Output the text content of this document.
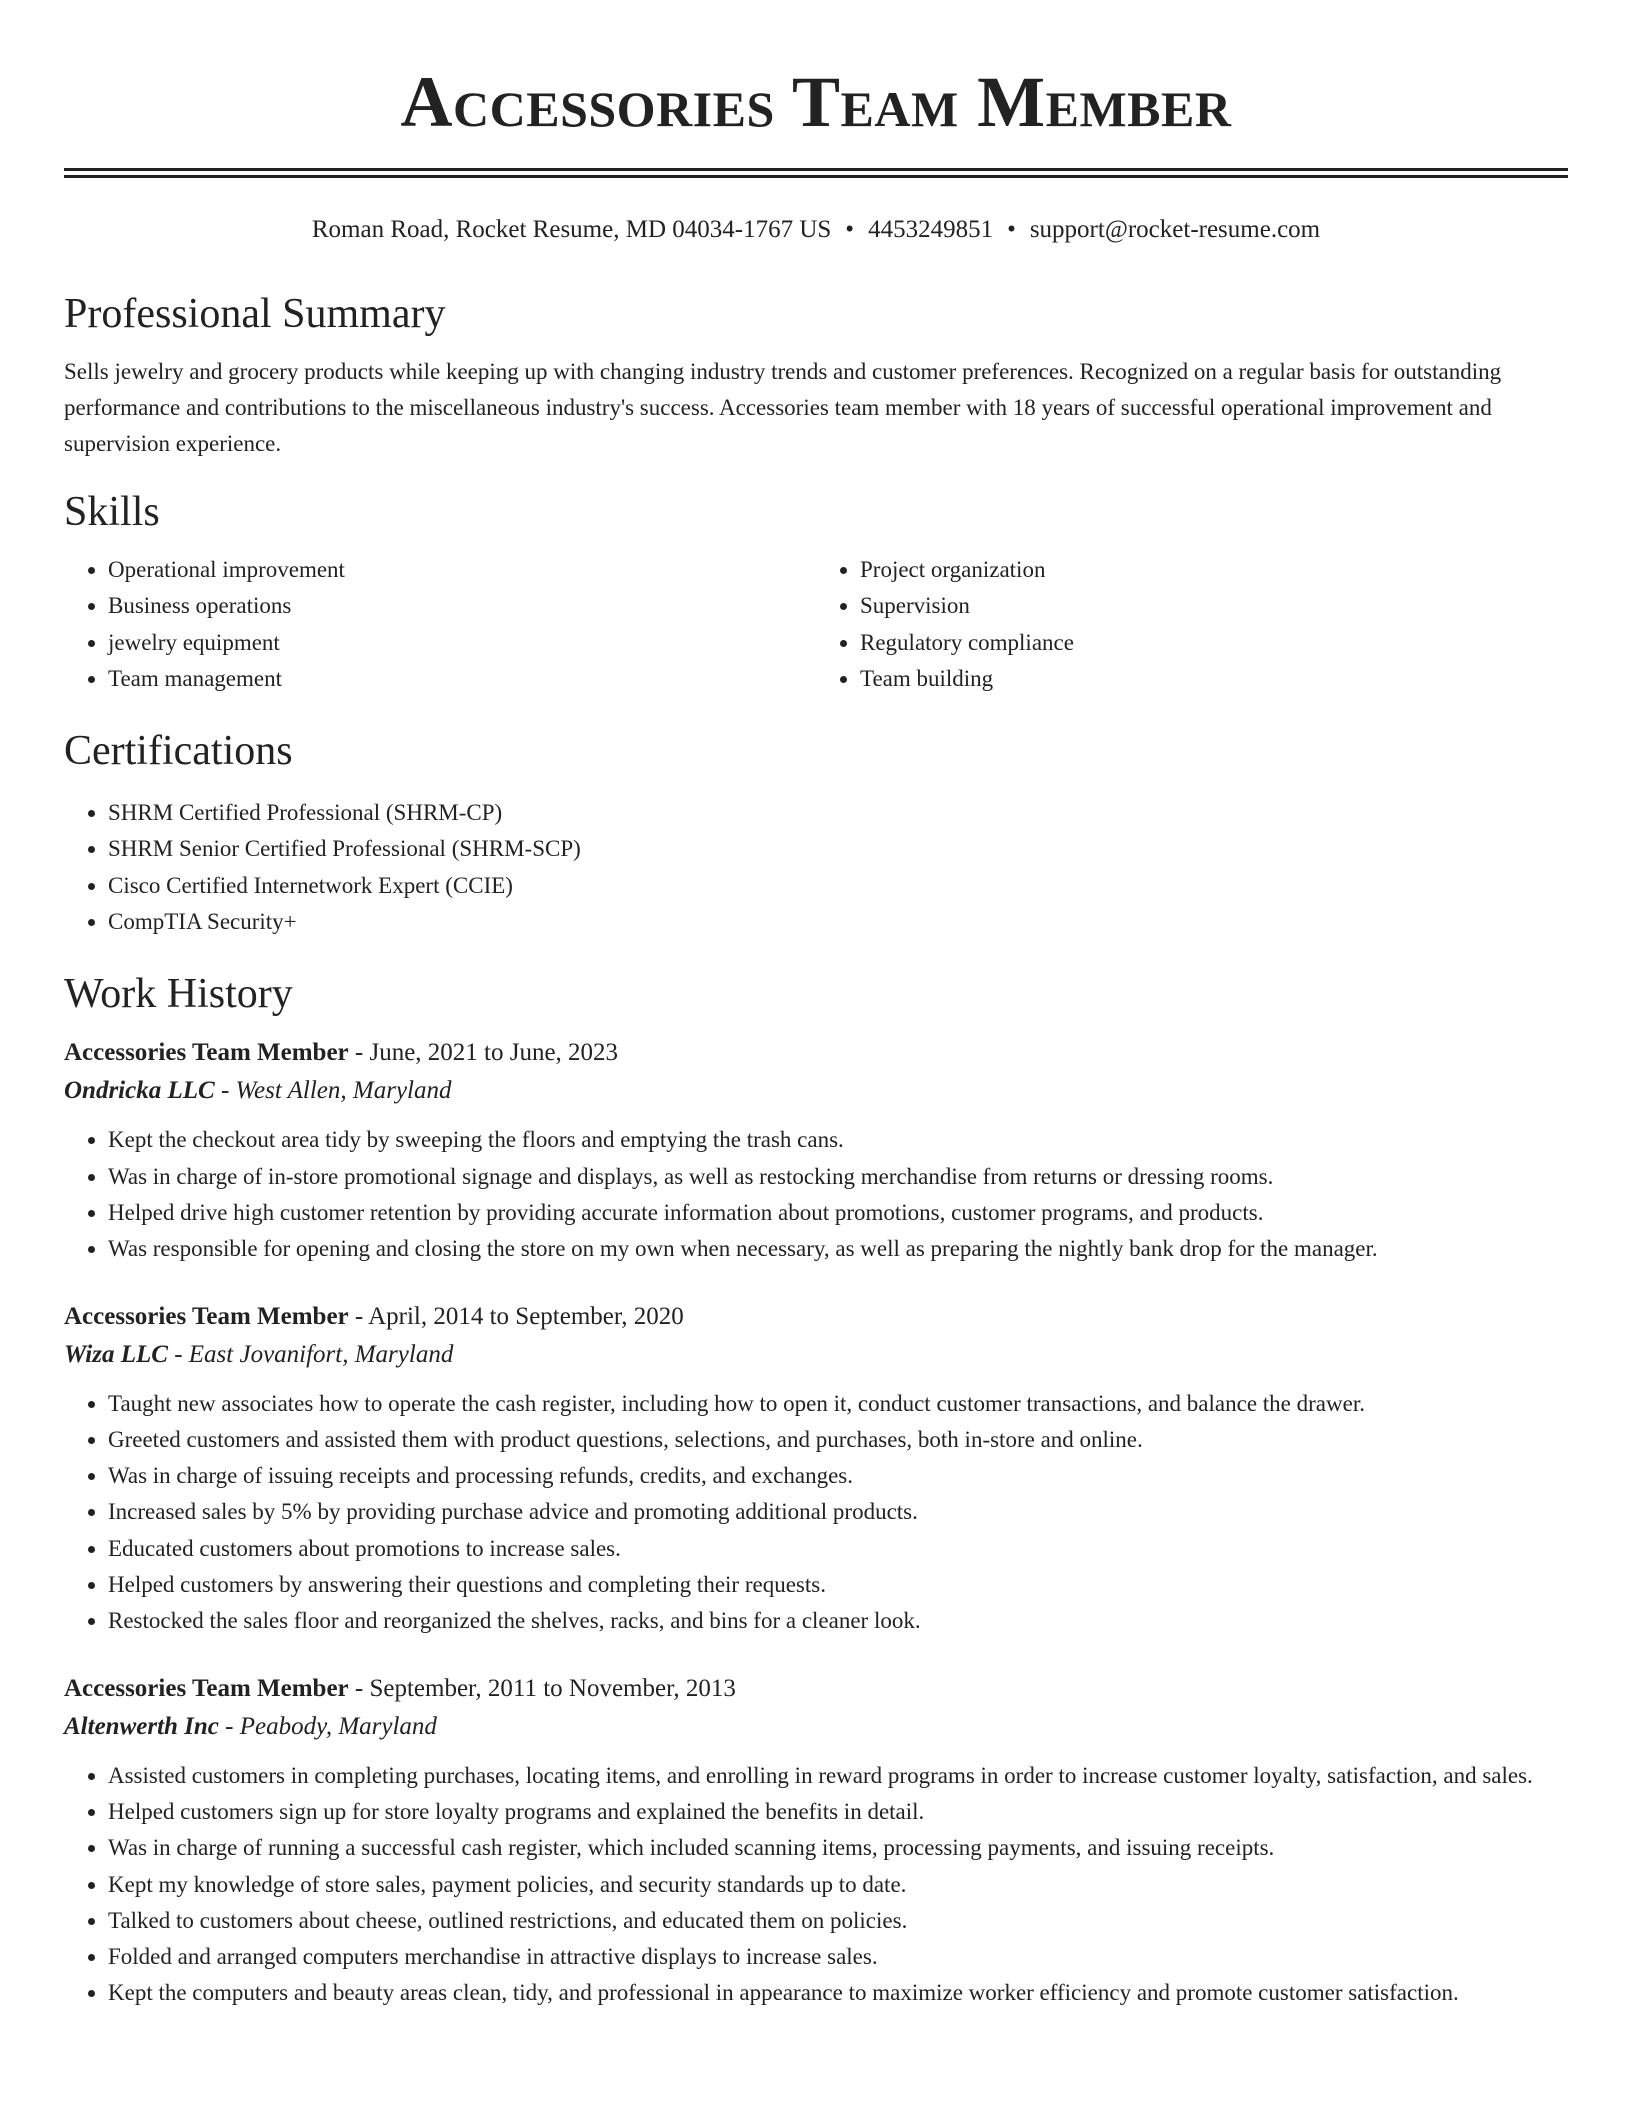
Accessories Team Member
Roman Road, Rocket Resume, MD 04034-1767 US • 4453249851 • support@rocket-resume.com
Professional Summary

Sells jewelry and grocery products while keeping up with changing industry trends and customer preferences. Recognized on a regular basis for outstanding performance and contributions to the miscellaneous industry's success. Accessories team member with 18 years of successful operational improvement and supervision experience.

Skills
• Operational improvement
• Business operations
• jewelry equipment
• Team management
• Project organization
• Supervision
• Regulatory compliance
• Team building
Certifications
• SHRM Certified Professional (SHRM-CP)
• SHRM Senior Certified Professional (SHRM-SCP)
• Cisco Certified Internetwork Expert (CCIE)
• CompTIA Security+
Work History
Accessories Team Member - June, 2021 to June, 2023
Ondricka LLC - West Allen, Maryland
• Kept the checkout area tidy by sweeping the floors and emptying the trash cans.
• Was in charge of in-store promotional signage and displays, as well as restocking merchandise from returns or dressing rooms.
• Helped drive high customer retention by providing accurate information about promotions, customer programs, and products.
• Was responsible for opening and closing the store on my own when necessary, as well as preparing the nightly bank drop for the manager.
Accessories Team Member - April, 2014 to September, 2020
Wiza LLC - East Jovanifort, Maryland
• Taught new associates how to operate the cash register, including how to open it, conduct customer transactions, and balance the drawer.
• Greeted customers and assisted them with product questions, selections, and purchases, both in-store and online.
• Was in charge of issuing receipts and processing refunds, credits, and exchanges.
• Increased sales by 5% by providing purchase advice and promoting additional products.
• Educated customers about promotions to increase sales.
• Helped customers by answering their questions and completing their requests.
• Restocked the sales floor and reorganized the shelves, racks, and bins for a cleaner look.
Accessories Team Member - September, 2011 to November, 2013
Altenwerth Inc - Peabody, Maryland
• Assisted customers in completing purchases, locating items, and enrolling in reward programs in order to increase customer loyalty, satisfaction, and sales.
• Helped customers sign up for store loyalty programs and explained the benefits in detail.
• Was in charge of running a successful cash register, which included scanning items, processing payments, and issuing receipts.
• Kept my knowledge of store sales, payment policies, and security standards up to date.
• Talked to customers about cheese, outlined restrictions, and educated them on policies.
• Folded and arranged computers merchandise in attractive displays to increase sales.
• Kept the computers and beauty areas clean, tidy, and professional in appearance to maximize worker efficiency and promote customer satisfaction.
